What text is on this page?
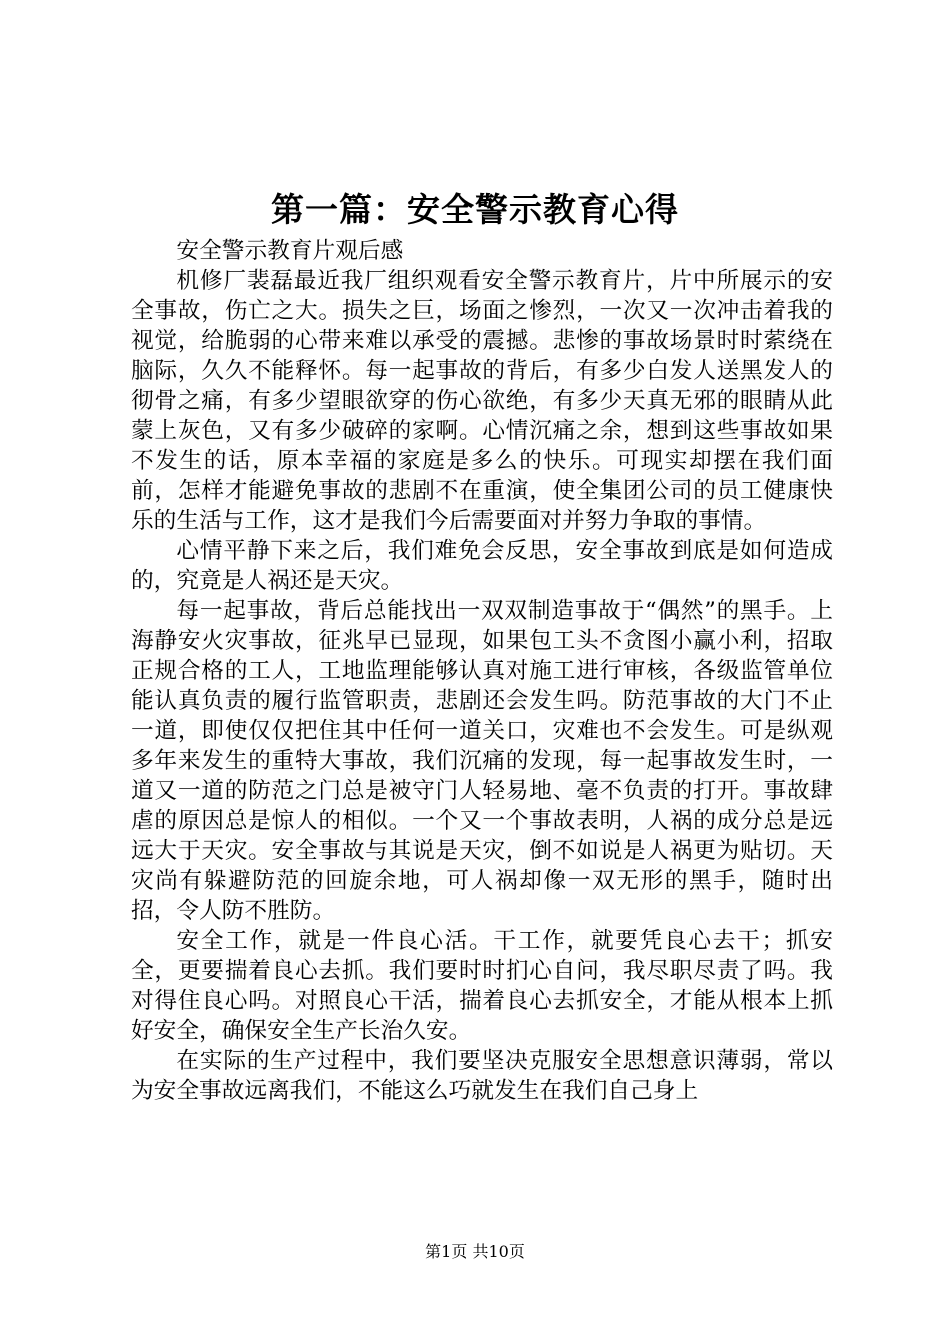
第一篇：安全警示教育心得

安全警示教育片观后感

机修厂裴磊最近我厂组织观看安全警示教育片，片中所展示的安全事故，伤亡之大。损失之巨，场面之惨烈，一次又一次冲击着我的视觉，给脆弱的心带来难以承受的震撼。悲惨的事故场景时时萦绕在脑际，久久不能释怀。每一起事故的背后，有多少白发人送黑发人的彻骨之痛，有多少望眼欲穿的伤心欲绝，有多少天真无邪的眼睛从此蒙上灰色，又有多少破碎的家啊。心情沉痛之余，想到这些事故如果不发生的话，原本幸福的家庭是多么的快乐。可现实却摆在我们面前，怎样才能避免事故的悲剧不在重演，使全集团公司的员工健康快乐的生活与工作，这才是我们今后需要面对并努力争取的事情。

心情平静下来之后，我们难免会反思，安全事故到底是如何造成的，究竟是人祸还是天灾。

每一起事故，背后总能找出一双双制造事故于“偶然”的黑手。上海静安火灾事故，征兆早已显现，如果包工头不贪图小赢小利，招取正规合格的工人，工地监理能够认真对施工进行审核，各级监管单位能认真负责的履行监管职责，悲剧还会发生吗。防范事故的大门不止一道，即使仅仅把住其中任何一道关口，灾难也不会发生。可是纵观多年来发生的重特大事故，我们沉痛的发现，每一起事故发生时，一道又一道的防范之门总是被守门人轻易地、毫不负责的打开。事故肆虐的原因总是惊人的相似。一个又一个事故表明，人祸的成分总是远远大于天灾。安全事故与其说是天灾，倒不如说是人祸更为贴切。天灾尚有躲避防范的回旋余地，可人祸却像一双无形的黑手，随时出招，令人防不胜防。

安全工作，就是一件良心活。干工作，就要凭良心去干；抓安全，更要揣着良心去抓。我们要时时扪心自问，我尽职尽责了吗。我对得住良心吗。对照良心干活，揣着良心去抓安全，才能从根本上抓好安全，确保安全生产长治久安。

在实际的生产过程中，我们要坚决克服安全思想意识薄弱，常以为安全事故远离我们，不能这么巧就发生在我们自己身上

第1页 共10页
